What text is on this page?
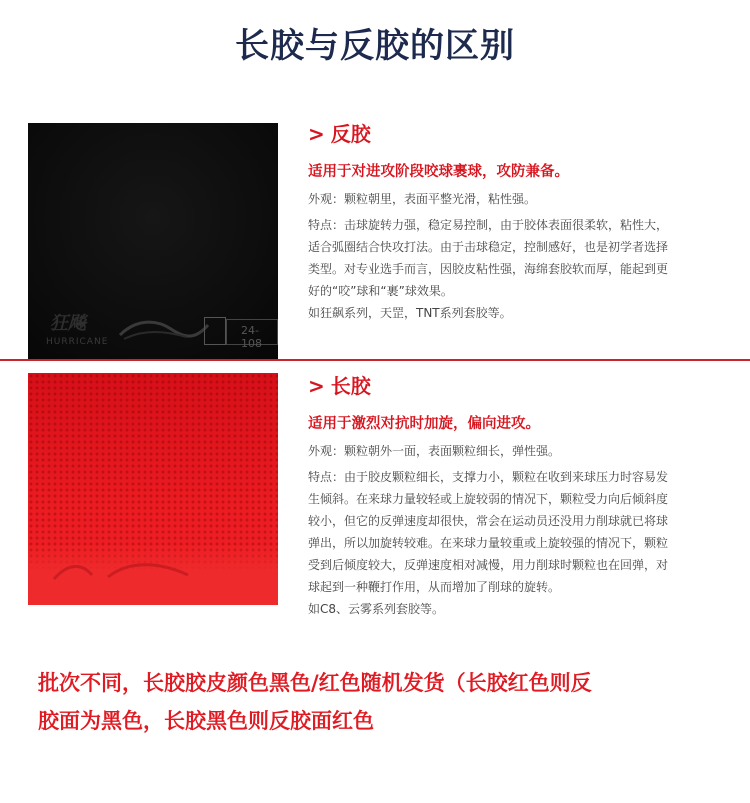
长胶与反胶的区别
狂飚
HURRICANE
24-108
> 反胶
适用于对进攻阶段咬球裹球，攻防兼备。

外观：颗粒朝里，表面平整光滑，粘性强。

特点：击球旋转力强，稳定易控制，由于胶体表面很柔软，粘性大，

适合弧圈结合快攻打法。由于击球稳定，控制感好，也是初学者选择

类型。对专业选手而言，因胶皮粘性强，海绵套胶软而厚，能起到更

好的“咬”球和“裹”球效果。

如狂飙系列，天罡，TNT系列套胶等。

> 长胶
适用于激烈对抗时加旋，偏向进攻。

外观：颗粒朝外一面，表面颗粒细长，弹性强。

特点：由于胶皮颗粒细长，支撑力小，颗粒在收到来球压力时容易发

生倾斜。在来球力量较轻或上旋较弱的情况下，颗粒受力向后倾斜度

较小，但它的反弹速度却很快，常会在运动员还没用力削球就已将球

弹出，所以加旋转较难。在来球力量较重或上旋较强的情况下，颗粒

受到后倾度较大，反弹速度相对减慢，用力削球时颗粒也在回弹，对

球起到一种鞭打作用，从而增加了削球的旋转。

如C8、云雾系列套胶等。

批次不同，长胶胶皮颜色黑色/红色随机发货（长胶红色则反
胶面为黑色，长胶黑色则反胶面红色
